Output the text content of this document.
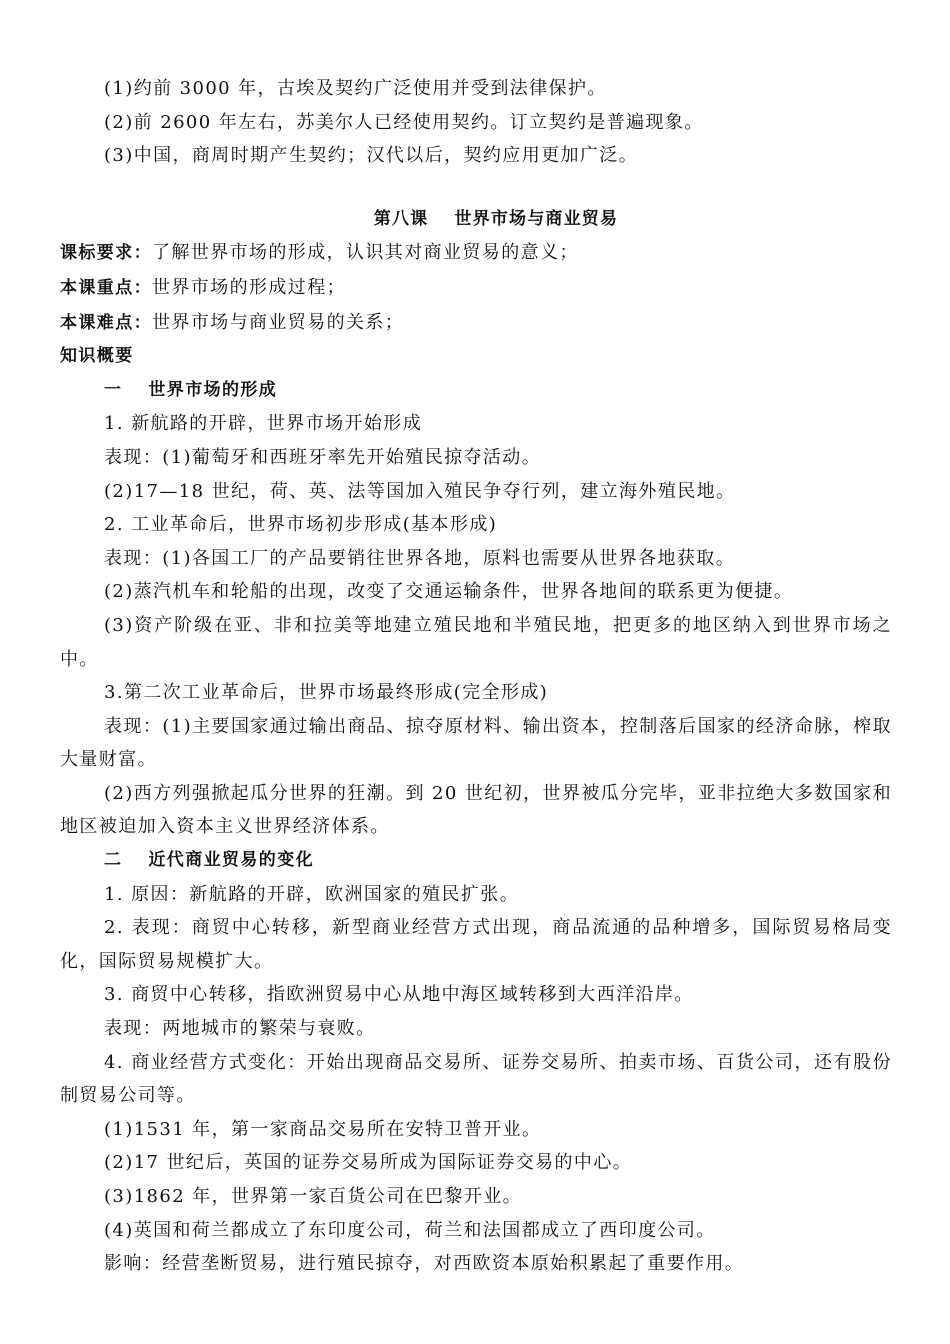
(1)约前 3000 年，古埃及契约广泛使用并受到法律保护。

(2)前 2600 年左右，苏美尔人已经使用契约。订立契约是普遍现象。

(3)中国，商周时期产生契约；汉代以后，契约应用更加广泛。

第八课 世界市场与商业贸易

课标要求：了解世界市场的形成，认识其对商业贸易的意义；

本课重点：世界市场的形成过程；

本课难点：世界市场与商业贸易的关系；

知识概要

一 世界市场的形成

1. 新航路的开辟，世界市场开始形成

表现：(1)葡萄牙和西班牙率先开始殖民掠夺活动。

(2)17—18 世纪，荷、英、法等国加入殖民争夺行列，建立海外殖民地。

2. 工业革命后，世界市场初步形成(基本形成)

表现：(1)各国工厂的产品要销往世界各地，原料也需要从世界各地获取。

(2)蒸汽机车和轮船的出现，改变了交通运输条件，世界各地间的联系更为便捷。

(3)资产阶级在亚、非和拉美等地建立殖民地和半殖民地，把更多的地区纳入到世界市场之中。

3.第二次工业革命后，世界市场最终形成(完全形成)

表现：(1)主要国家通过输出商品、掠夺原材料、输出资本，控制落后国家的经济命脉，榨取大量财富。

(2)西方列强掀起瓜分世界的狂潮。到 20 世纪初，世界被瓜分完毕，亚非拉绝大多数国家和地区被迫加入资本主义世界经济体系。

二 近代商业贸易的变化

1. 原因：新航路的开辟，欧洲国家的殖民扩张。

2. 表现：商贸中心转移，新型商业经营方式出现，商品流通的品种增多，国际贸易格局变化，国际贸易规模扩大。

3. 商贸中心转移，指欧洲贸易中心从地中海区域转移到大西洋沿岸。

表现：两地城市的繁荣与衰败。

4. 商业经营方式变化：开始出现商品交易所、证券交易所、拍卖市场、百货公司，还有股份制贸易公司等。

(1)1531 年，第一家商品交易所在安特卫普开业。

(2)17 世纪后，英国的证券交易所成为国际证券交易的中心。

(3)1862 年，世界第一家百货公司在巴黎开业。

(4)英国和荷兰都成立了东印度公司，荷兰和法国都成立了西印度公司。

影响：经营垄断贸易，进行殖民掠夺，对西欧资本原始积累起了重要作用。
